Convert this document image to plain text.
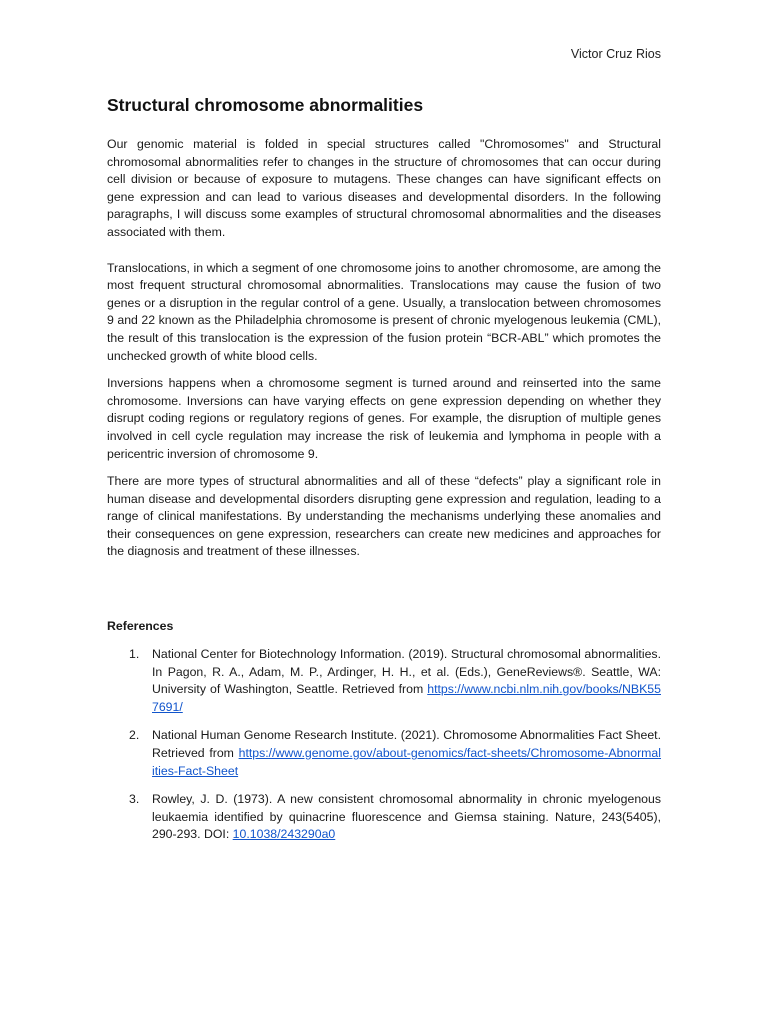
Victor Cruz Rios
Structural chromosome abnormalities

Our genomic material is folded in special structures called "Chromosomes" and Structural chromosomal abnormalities refer to changes in the structure of chromosomes that can occur during cell division or because of exposure to mutagens. These changes can have significant effects on gene expression and can lead to various diseases and developmental disorders. In the following paragraphs, I will discuss some examples of structural chromosomal abnormalities and the diseases associated with them.

Translocations, in which a segment of one chromosome joins to another chromosome, are among the most frequent structural chromosomal abnormalities. Translocations may cause the fusion of two genes or a disruption in the regular control of a gene. Usually, a translocation between chromosomes 9 and 22 known as the Philadelphia chromosome is present of chronic myelogenous leukemia (CML), the result of this translocation is the expression of the fusion protein “BCR-ABL” which promotes the unchecked growth of white blood cells.

Inversions happens when a chromosome segment is turned around and reinserted into the same chromosome. Inversions can have varying effects on gene expression depending on whether they disrupt coding regions or regulatory regions of genes. For example, the disruption of multiple genes involved in cell cycle regulation may increase the risk of leukemia and lymphoma in people with a pericentric inversion of chromosome 9.

There are more types of structural abnormalities and all of these “defects” play a significant role in human disease and developmental disorders disrupting gene expression and regulation, leading to a range of clinical manifestations. By understanding the mechanisms underlying these anomalies and their consequences on gene expression, researchers can create new medicines and approaches for the diagnosis and treatment of these illnesses.

References
1. National Center for Biotechnology Information. (2019). Structural chromosomal abnormalities. In Pagon, R. A., Adam, M. P., Ardinger, H. H., et al. (Eds.), GeneReviews®. Seattle, WA: University of Washington, Seattle. Retrieved from https://www.ncbi.nlm.nih.gov/books/NBK557691/
2. National Human Genome Research Institute. (2021). Chromosome Abnormalities Fact Sheet. Retrieved from https://www.genome.gov/about-genomics/fact-sheets/Chromosome-Abnormalities-Fact-Sheet
3. Rowley, J. D. (1973). A new consistent chromosomal abnormality in chronic myelogenous leukaemia identified by quinacrine fluorescence and Giemsa staining. Nature, 243(5405), 290-293. DOI: 10.1038/243290a0
